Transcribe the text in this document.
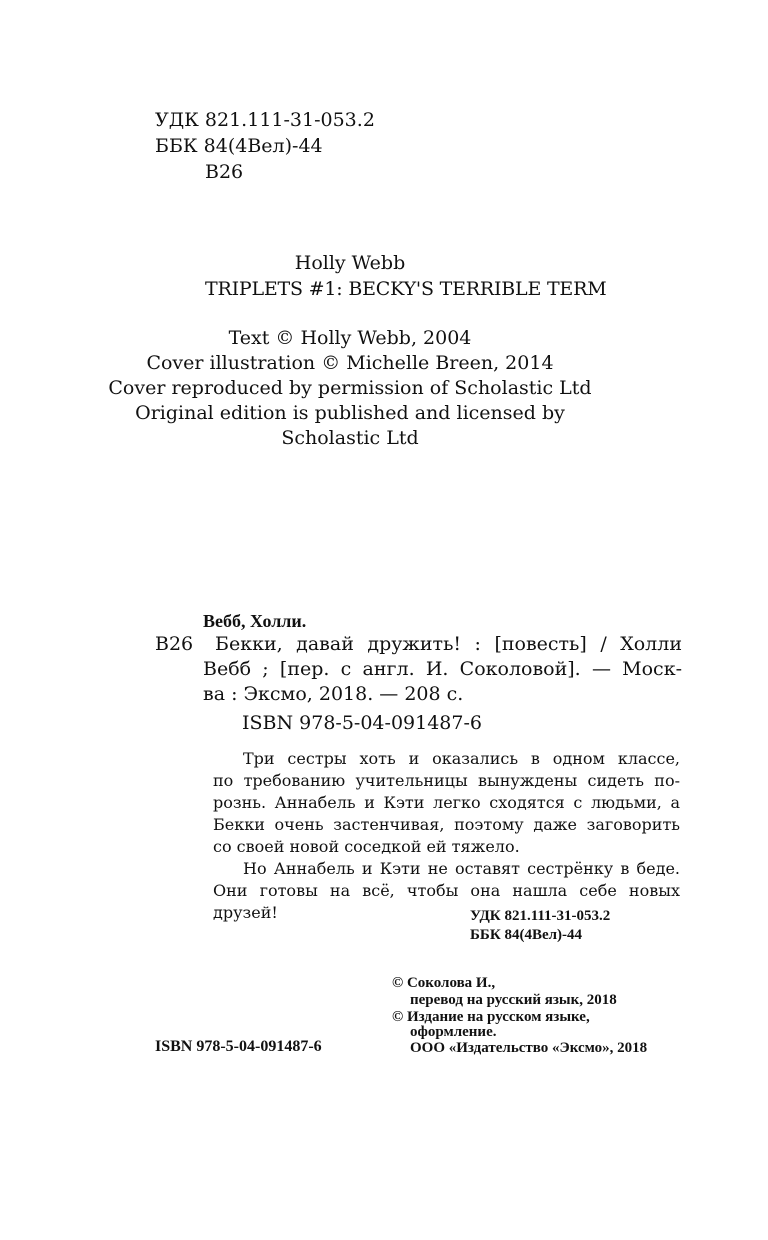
УДК 821.111-31-053.2
ББК 84(4Вел)-44
В26
Holly Webb
TRIPLETS #1: BECKY'S TERRIBLE TERM
Text © Holly Webb, 2004
Cover illustration © Michelle Breen, 2014
Cover reproduced by permission of Scholastic Ltd
Original edition is published and licensed by
Scholastic Ltd
Вебб, Холли.
В26 Бекки, давай дружить! : [повесть] / Холли
Вебб ; [пер. с англ. И. Соколовой]. — Моск-
ва : Эксмо, 2018. — 208 с.
ISBN 978-5-04-091487-6
Три сестры хоть и оказались в одном классе,
по требованию учительницы вынуждены сидеть по-
рознь. Аннабель и Кэти легко сходятся с людьми, а
Бекки очень застенчивая, поэтому даже заговорить
со своей новой соседкой ей тяжело.
Но Аннабель и Кэти не оставят сестрёнку в беде.
Они готовы на всё, чтобы она нашла себе новых
друзей!	УДК 821.111-31-053.2
ББК 84(4Вел)-44
© Соколова И.,
перевод на русский язык, 2018
© Издание на русском языке,
оформление.
ООО «Издательство «Эксмо», 2018
ISBN 978-5-04-091487-6
